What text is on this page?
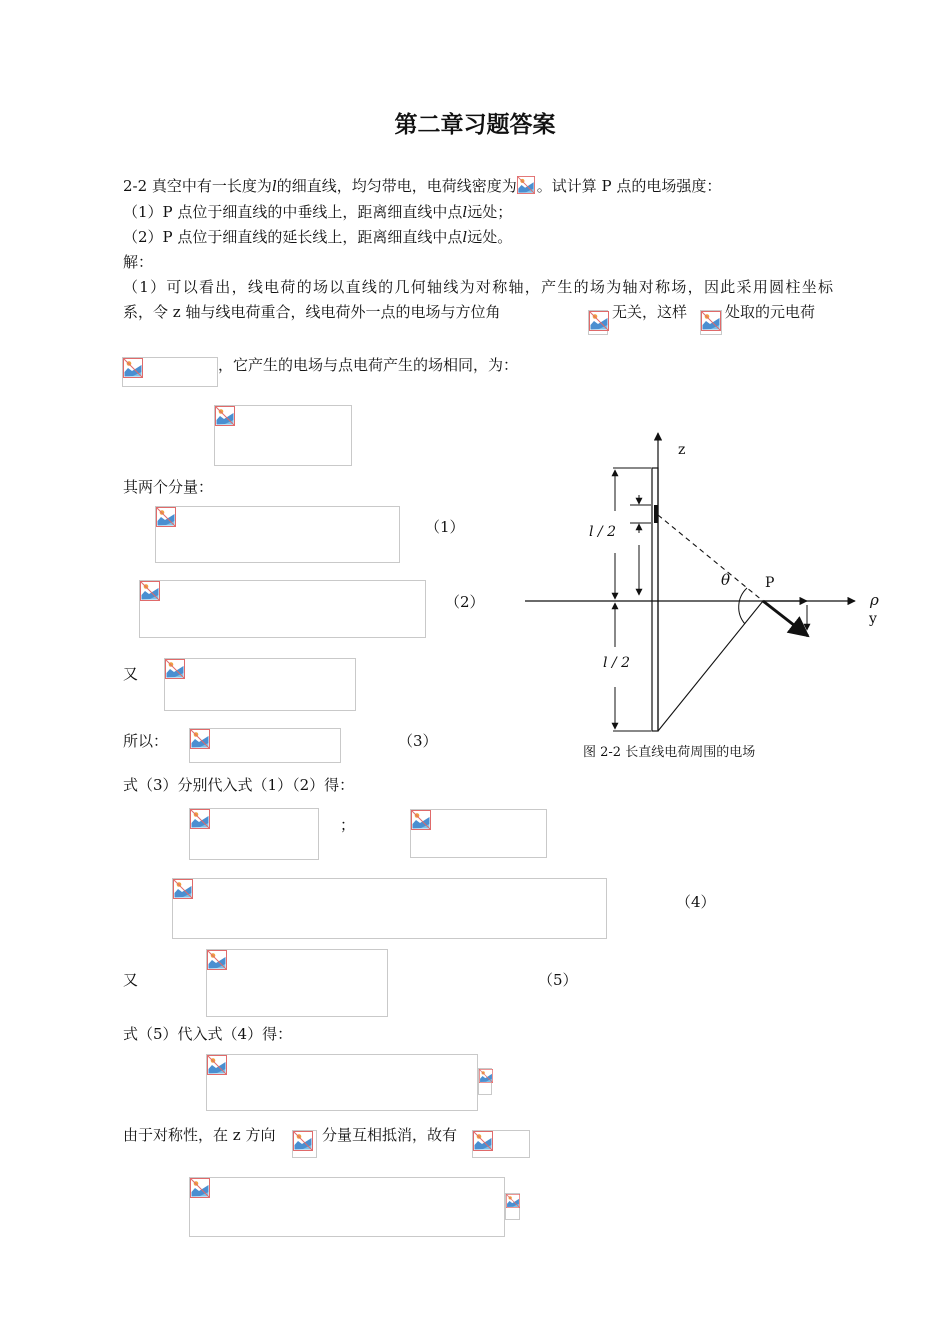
第二章习题答案
2-2 真空中有一长度为l的细直线，均匀带电，电荷线密度为 。试计算 P 点的电场强度：
（1）P 点位于细直线的中垂线上，距离细直线中点l远处；
（2）P 点位于细直线的延长线上，距离细直线中点l远处。
解：
（1）可以看出，线电荷的场以直线的几何轴线为对称轴，产生的场为轴对称场，因此采用圆柱坐标
系，令 z 轴与线电荷重合，线电荷外一点的电场与方位角	无关，这样	处取的元电荷
，它产生的电场与点电荷产生的场相同，为：
其两个分量：
（1）
（2）
又
所以：	（3）
式（3）分别代入式（1）（2）得：
；
（4）
又	（5）
式（5）代入式（4）得：
由于对称性，在 z 方向	分量互相抵消，故有
z
ρ
y
l / 2
l / 2
θ P
图 2-2 长直线电荷周围的电场
